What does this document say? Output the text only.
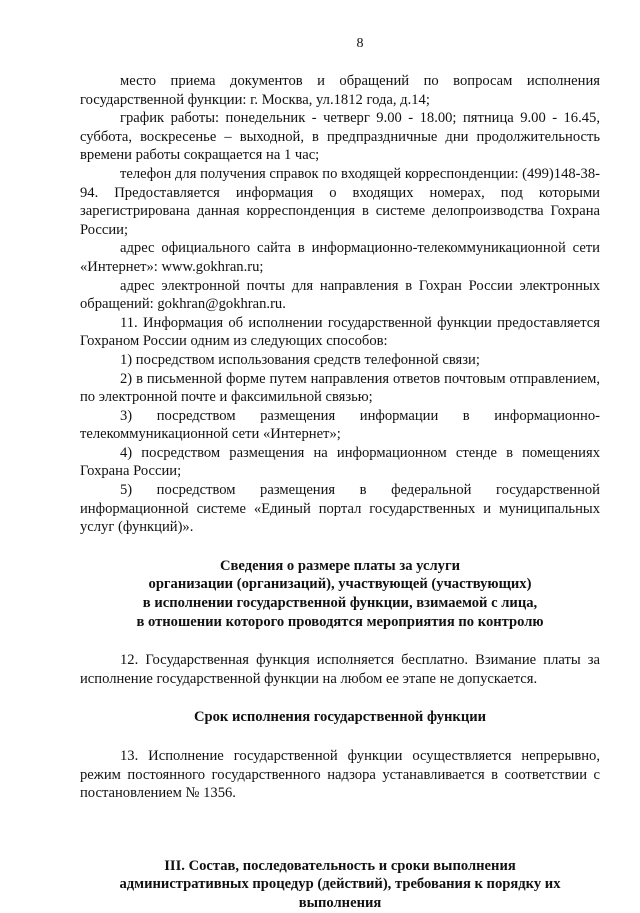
8

место приема документов и обращений по вопросам исполнения государственной функции: г. Москва, ул.1812 года, д.14;

график работы: понедельник - четверг 9.00 - 18.00; пятница 9.00 - 16.45, суббота, воскресенье – выходной, в предпраздничные дни продолжительность времени работы сокращается на 1 час;

телефон для получения справок по входящей корреспонденции: (499)148-38-94. Предоставляется информация о входящих номерах, под которыми зарегистрирована данная корреспонденция в системе делопроизводства Гохрана России;

адрес официального сайта в информационно-телекоммуникационной сети «Интернет»: www.gokhran.ru;

адрес электронной почты для направления в Гохран России электронных обращений: gokhran@gokhran.ru.

11. Информация об исполнении государственной функции предоставляется Гохраном России одним из следующих способов:

1) посредством использования средств телефонной связи;

2) в письменной форме путем направления ответов почтовым отправлением, по электронной почте и факсимильной связью;

3) посредством размещения информации в информационно-телекоммуникационной сети «Интернет»;

4) посредством размещения на информационном стенде в помещениях Гохрана России;

5) посредством размещения в федеральной государственной информационной системе «Единый портал государственных и муниципальных услуг (функций)».

Сведения о размере платы за услуги

организации (организаций), участвующей (участвующих)

в исполнении государственной функции, взимаемой с лица,

в отношении которого проводятся мероприятия по контролю

12. Государственная функция исполняется бесплатно. Взимание платы за исполнение государственной функции на любом ее этапе не допускается.

Срок исполнения государственной функции

13. Исполнение государственной функции осуществляется непрерывно, режим постоянного государственного надзора устанавливается в соответствии с постановлением № 1356.

III. Состав, последовательность и сроки выполнения

административных процедур (действий), требования к порядку их

выполнения
